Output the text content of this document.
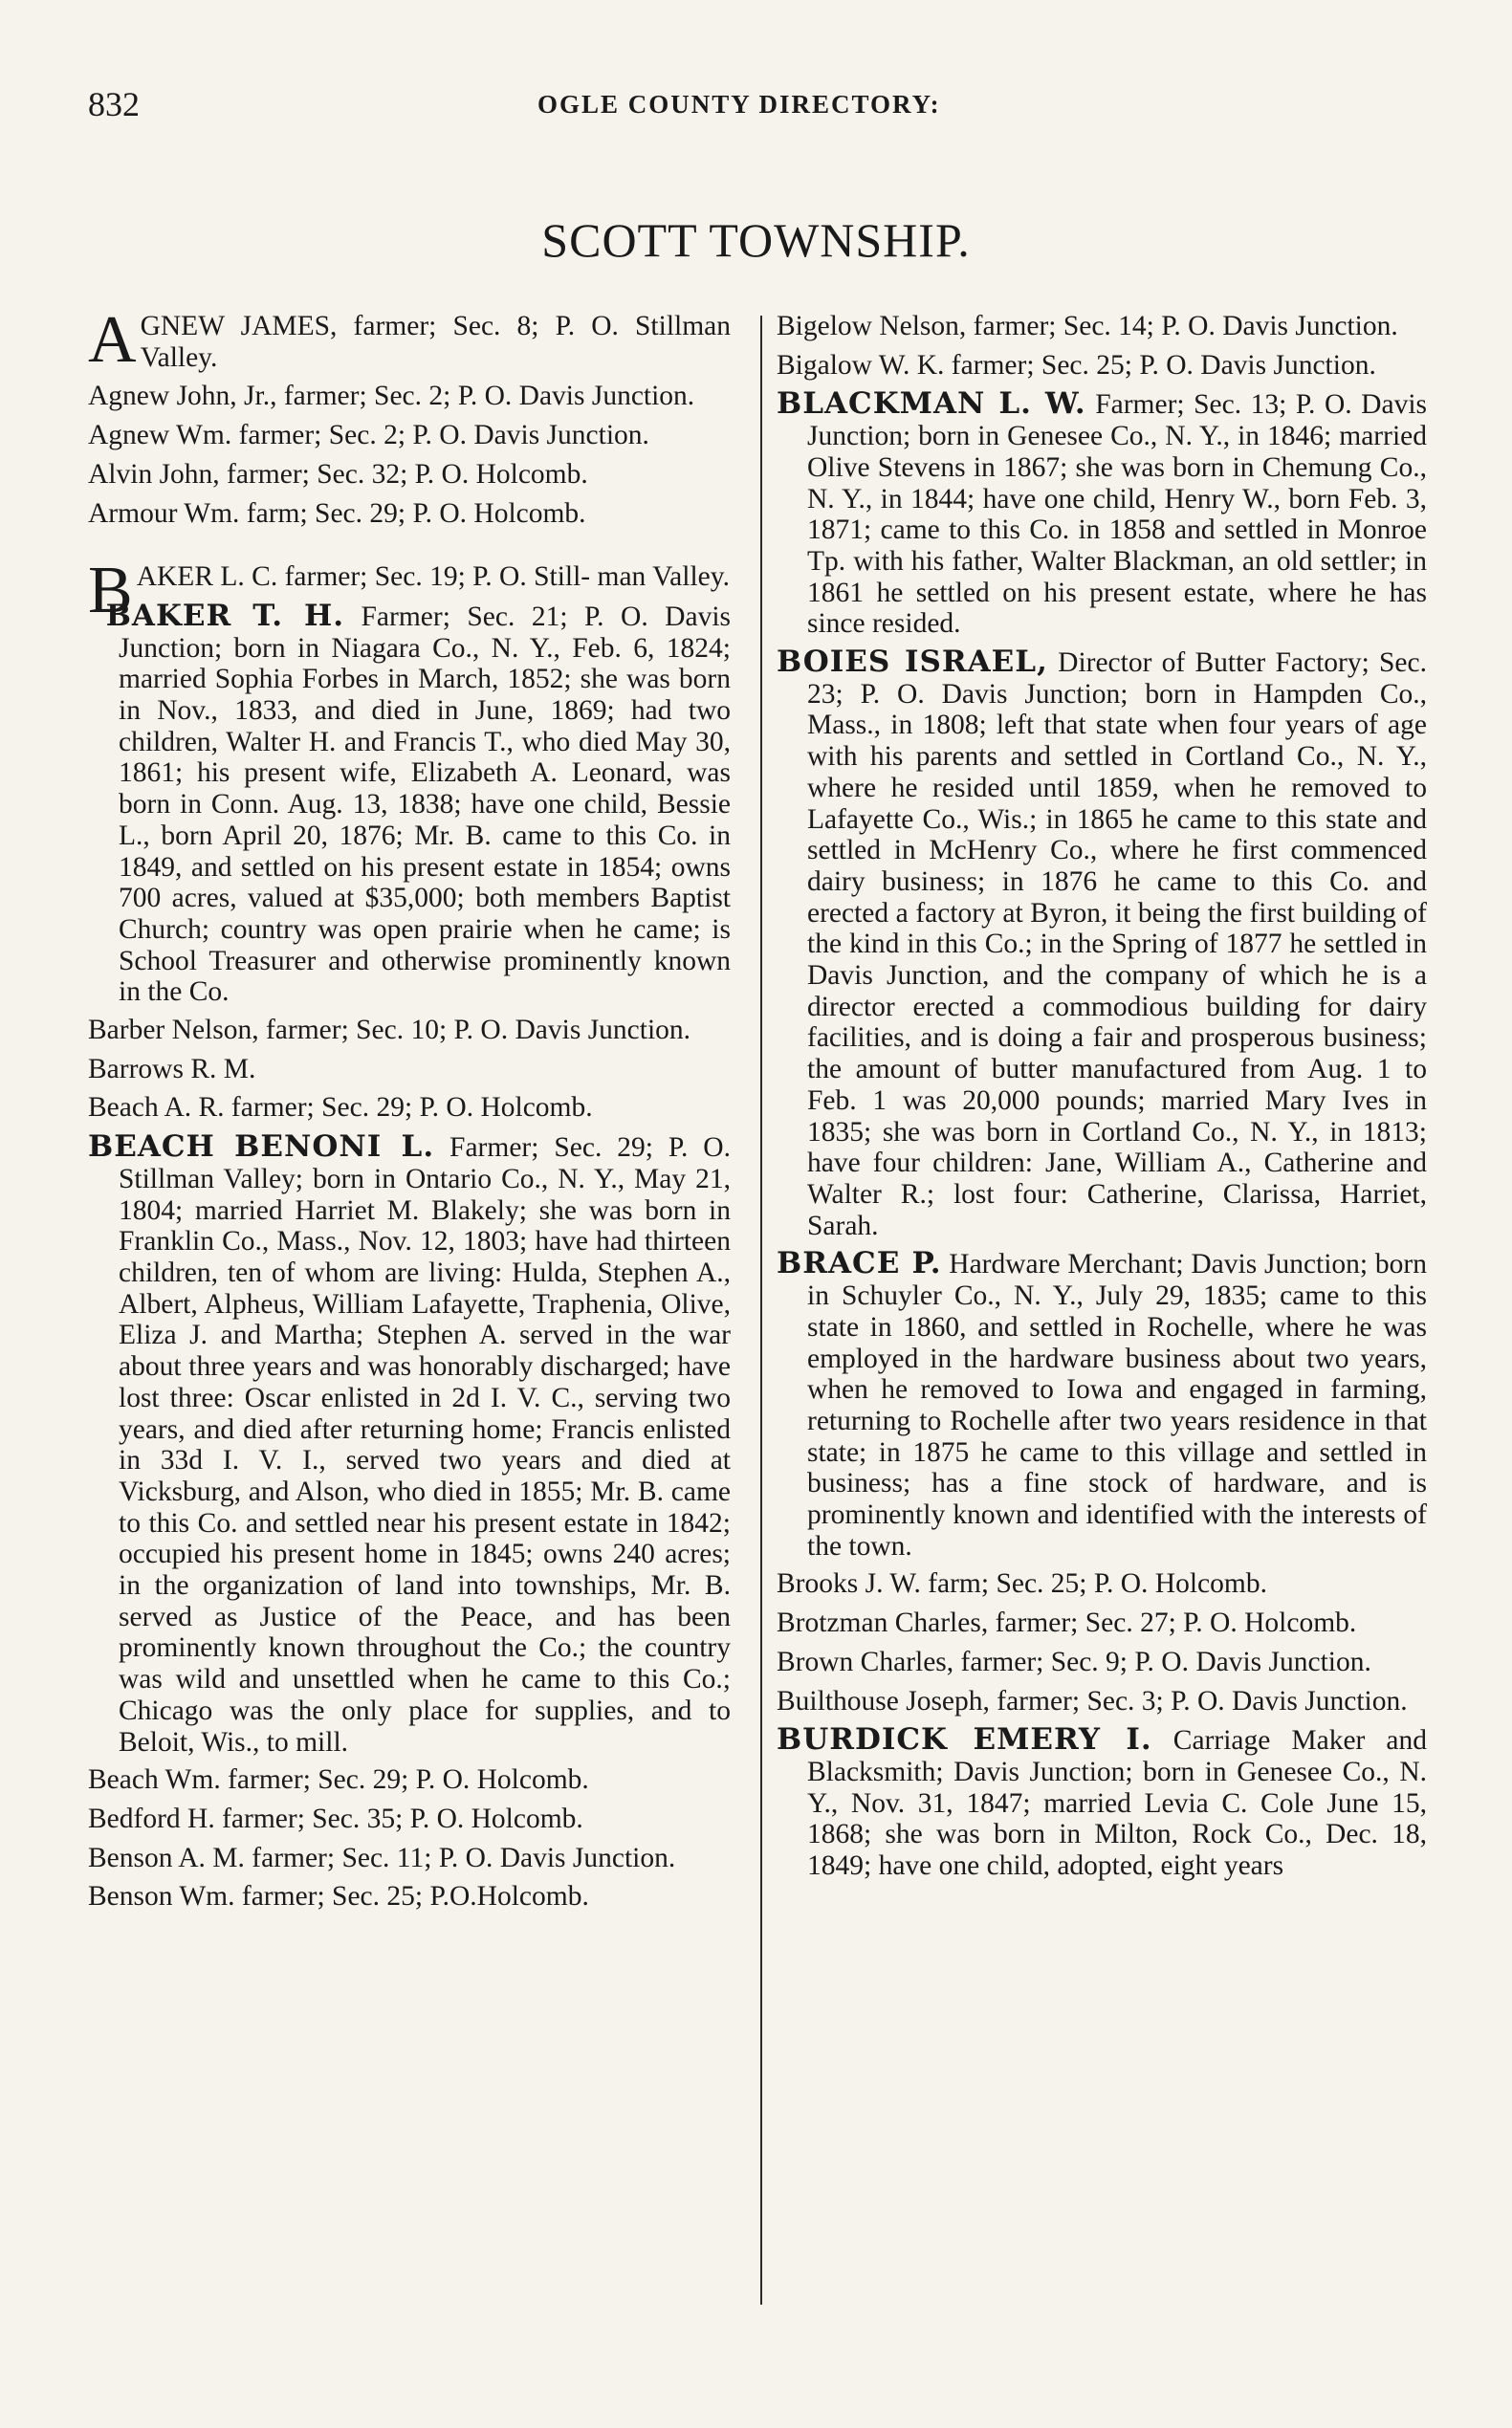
832	OGLE COUNTY DIRECTORY:
SCOTT TOWNSHIP.

AGNEW JAMES, farmer; Sec. 8; P. O. Stillman Valley.

Agnew John, Jr., farmer; Sec. 2; P. O. Davis Junction.

Agnew Wm. farmer; Sec. 2; P. O. Davis Junction.

Alvin John, farmer; Sec. 32; P. O. Holcomb.

Armour Wm. farm; Sec. 29; P. O. Holcomb.

BAKER L. C. farmer; Sec. 19; P. O. Still- man Valley.

BAKER T. H. Farmer; Sec. 21; P. O. Davis Junction; born in Niagara Co., N. Y., Feb. 6, 1824; married Sophia Forbes in March, 1852; she was born in Nov., 1833, and died in June, 1869; had two children, Walter H. and Francis T., who died May 30, 1861; his present wife, Elizabeth A. Leonard, was born in Conn. Aug. 13, 1838; have one child, Bessie L., born April 20, 1876; Mr. B. came to this Co. in 1849, and settled on his present estate in 1854; owns 700 acres, valued at $35,000; both members Baptist Church; country was open prairie when he came; is School Treasurer and otherwise prominently known in the Co.

Barber Nelson, farmer; Sec. 10; P. O. Davis Junction.

Barrows R. M.

Beach A. R. farmer; Sec. 29; P. O. Holcomb.

BEACH BENONI L. Farmer; Sec. 29; P. O. Stillman Valley; born in Ontario Co., N. Y., May 21, 1804; married Harriet M. Blakely; she was born in Franklin Co., Mass., Nov. 12, 1803; have had thirteen children, ten of whom are living: Hulda, Stephen A., Albert, Alpheus, William Lafayette, Traphenia, Olive, Eliza J. and Martha; Stephen A. served in the war about three years and was honorably discharged; have lost three: Oscar enlisted in 2d I. V. C., serving two years, and died after returning home; Francis enlisted in 33d I. V. I., served two years and died at Vicksburg, and Alson, who died in 1855; Mr. B. came to this Co. and settled near his present estate in 1842; occupied his present home in 1845; owns 240 acres; in the organization of land into townships, Mr. B. served as Justice of the Peace, and has been prominently known throughout the Co.; the country was wild and unsettled when he came to this Co.; Chicago was the only place for supplies, and to Beloit, Wis., to mill.

Beach Wm. farmer; Sec. 29; P. O. Holcomb.

Bedford H. farmer; Sec. 35; P. O. Holcomb.

Benson A. M. farmer; Sec. 11; P. O. Davis Junction.

Benson Wm. farmer; Sec. 25; P.O.Holcomb.

Bigelow Nelson, farmer; Sec. 14; P. O. Davis Junction.

Bigalow W. K. farmer; Sec. 25; P. O. Davis Junction.

BLACKMAN L. W. Farmer; Sec. 13; P. O. Davis Junction; born in Genesee Co., N. Y., in 1846; married Olive Stevens in 1867; she was born in Chemung Co., N. Y., in 1844; have one child, Henry W., born Feb. 3, 1871; came to this Co. in 1858 and settled in Monroe Tp. with his father, Walter Blackman, an old settler; in 1861 he settled on his present estate, where he has since resided.

BOIES ISRAEL, Director of Butter Factory; Sec. 23; P. O. Davis Junction; born in Hampden Co., Mass., in 1808; left that state when four years of age with his parents and settled in Cortland Co., N. Y., where he resided until 1859, when he removed to Lafayette Co., Wis.; in 1865 he came to this state and settled in McHenry Co., where he first commenced dairy business; in 1876 he came to this Co. and erected a factory at Byron, it being the first building of the kind in this Co.; in the Spring of 1877 he settled in Davis Junction, and the company of which he is a director erected a commodious building for dairy facilities, and is doing a fair and prosperous business; the amount of butter manufactured from Aug. 1 to Feb. 1 was 20,000 pounds; married Mary Ives in 1835; she was born in Cortland Co., N. Y., in 1813; have four children: Jane, William A., Catherine and Walter R.; lost four: Catherine, Clarissa, Harriet, Sarah.

BRACE P. Hardware Merchant; Davis Junction; born in Schuyler Co., N. Y., July 29, 1835; came to this state in 1860, and settled in Rochelle, where he was employed in the hardware business about two years, when he removed to Iowa and engaged in farming, returning to Rochelle after two years residence in that state; in 1875 he came to this village and settled in business; has a fine stock of hardware, and is prominently known and identified with the interests of the town.

Brooks J. W. farm; Sec. 25; P. O. Holcomb.

Brotzman Charles, farmer; Sec. 27; P. O. Holcomb.

Brown Charles, farmer; Sec. 9; P. O. Davis Junction.

Builthouse Joseph, farmer; Sec. 3; P. O. Davis Junction.

BURDICK EMERY I. Carriage Maker and Blacksmith; Davis Junction; born in Genesee Co., N. Y., Nov. 31, 1847; married Levia C. Cole June 15, 1868; she was born in Milton, Rock Co., Dec. 18, 1849; have one child, adopted, eight years
